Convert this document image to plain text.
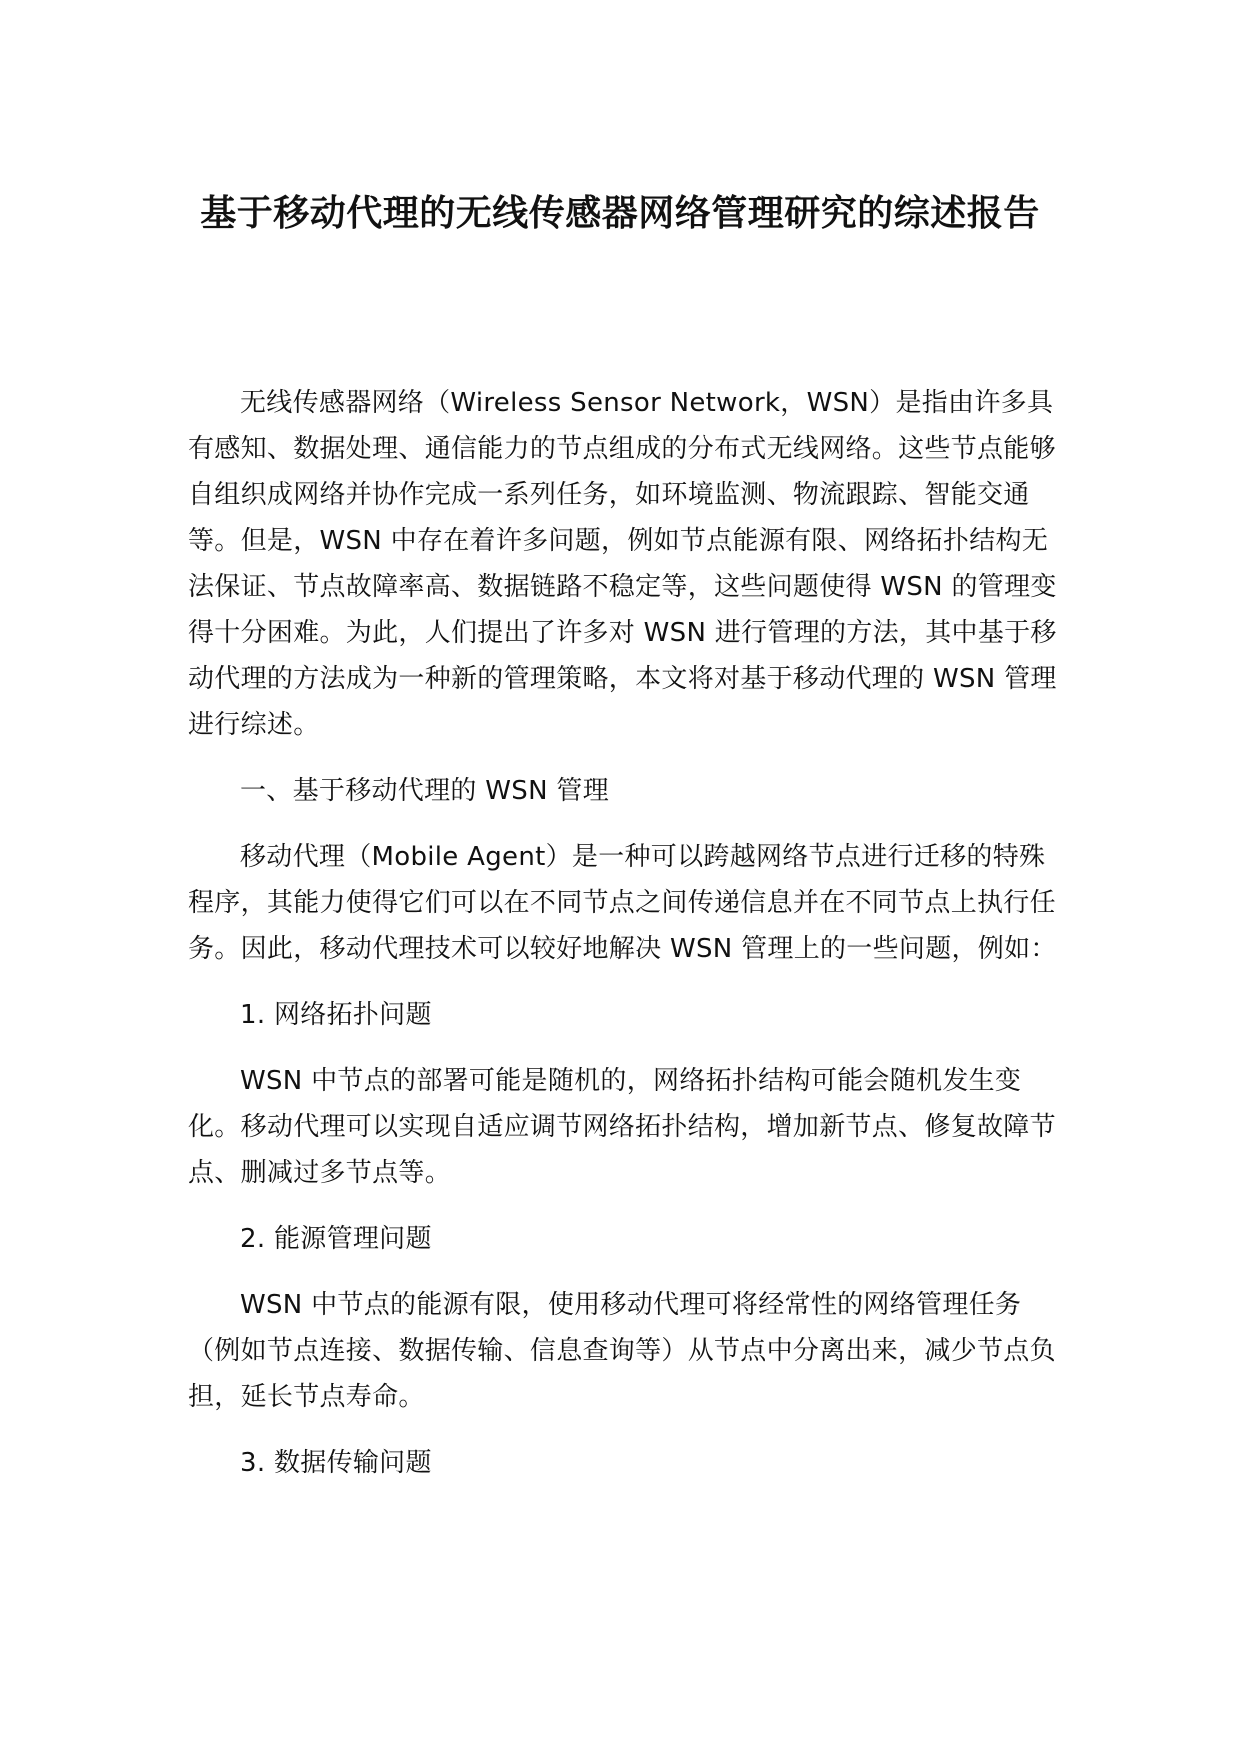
基于移动代理的无线传感器网络管理研究的综述报告

无线传感器网络（Wireless Sensor Network，WSN）是指由许多具有感知、数据处理、通信能力的节点组成的分布式无线网络。这些节点能够自组织成网络并协作完成一系列任务，如环境监测、物流跟踪、智能交通等。但是，WSN 中存在着许多问题，例如节点能源有限、网络拓扑结构无法保证、节点故障率高、数据链路不稳定等，这些问题使得 WSN 的管理变得十分困难。为此，人们提出了许多对 WSN 进行管理的方法，其中基于移动代理的方法成为一种新的管理策略，本文将对基于移动代理的 WSN 管理进行综述。

一、基于移动代理的 WSN 管理

移动代理（Mobile Agent）是一种可以跨越网络节点进行迁移的特殊程序，其能力使得它们可以在不同节点之间传递信息并在不同节点上执行任务。因此，移动代理技术可以较好地解决 WSN 管理上的一些问题，例如：

1. 网络拓扑问题

WSN 中节点的部署可能是随机的，网络拓扑结构可能会随机发生变化。移动代理可以实现自适应调节网络拓扑结构，增加新节点、修复故障节点、删减过多节点等。

2. 能源管理问题

WSN 中节点的能源有限，使用移动代理可将经常性的网络管理任务（例如节点连接、数据传输、信息查询等）从节点中分离出来，减少节点负担，延长节点寿命。

3. 数据传输问题
